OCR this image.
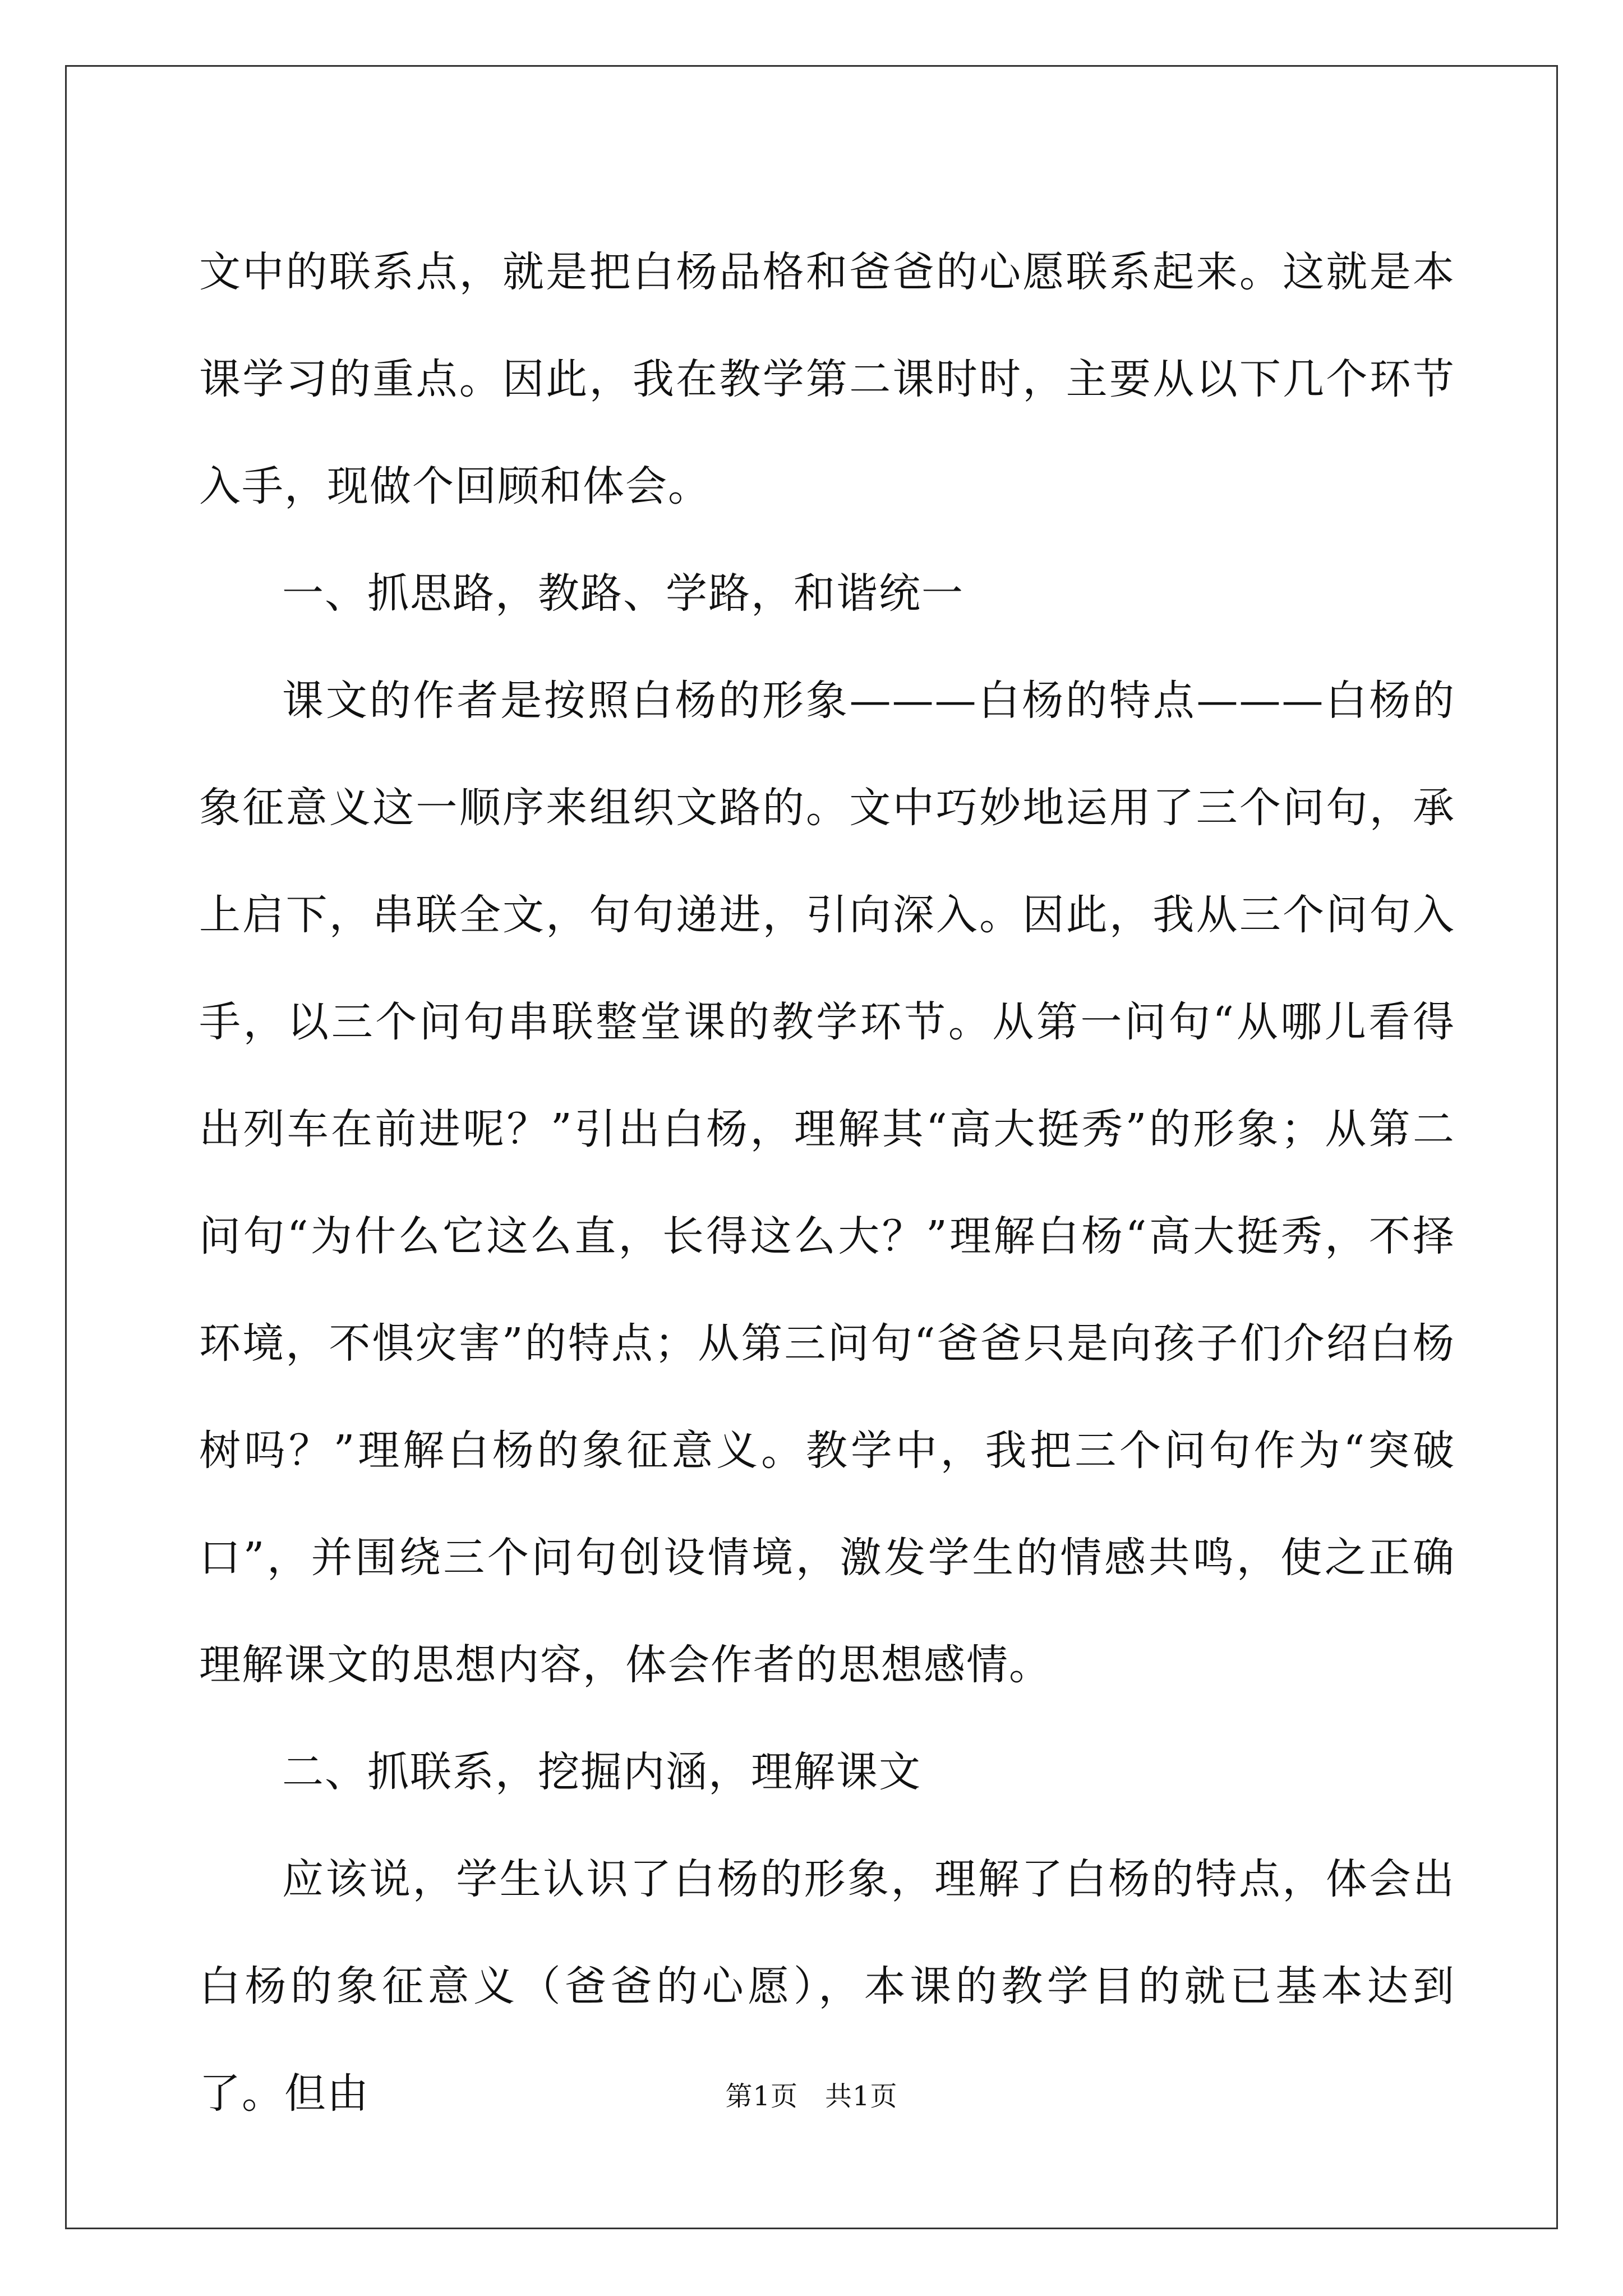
文中的联系点，就是把白杨品格和爸爸的心愿联系起来。这就是本课学习的重点。因此，我在教学第二课时时，主要从以下几个环节入手，现做个回顾和体会。

一、抓思路，教路、学路，和谐统一

课文的作者是按照白杨的形象———白杨的特点———白杨的象征意义这一顺序来组织文路的。文中巧妙地运用了三个问句，承上启下，串联全文，句句递进，引向深入。因此，我从三个问句入手，以三个问句串联整堂课的教学环节。从第一问句“从哪儿看得出列车在前进呢？”引出白杨，理解其“高大挺秀”的形象；从第二问句“为什么它这么直，长得这么大？”理解白杨“高大挺秀，不择环境，不惧灾害”的特点；从第三问句“爸爸只是向孩子们介绍白杨树吗？”理解白杨的象征意义。教学中，我把三个问句作为“突破口”，并围绕三个问句创设情境，激发学生的情感共鸣，使之正确理解课文的思想内容，体会作者的思想感情。

二、抓联系，挖掘内涵，理解课文

应该说，学生认识了白杨的形象，理解了白杨的特点，体会出白杨的象征意义（爸爸的心愿），本课的教学目的就已基本达到了。但由	第1页 共1页
